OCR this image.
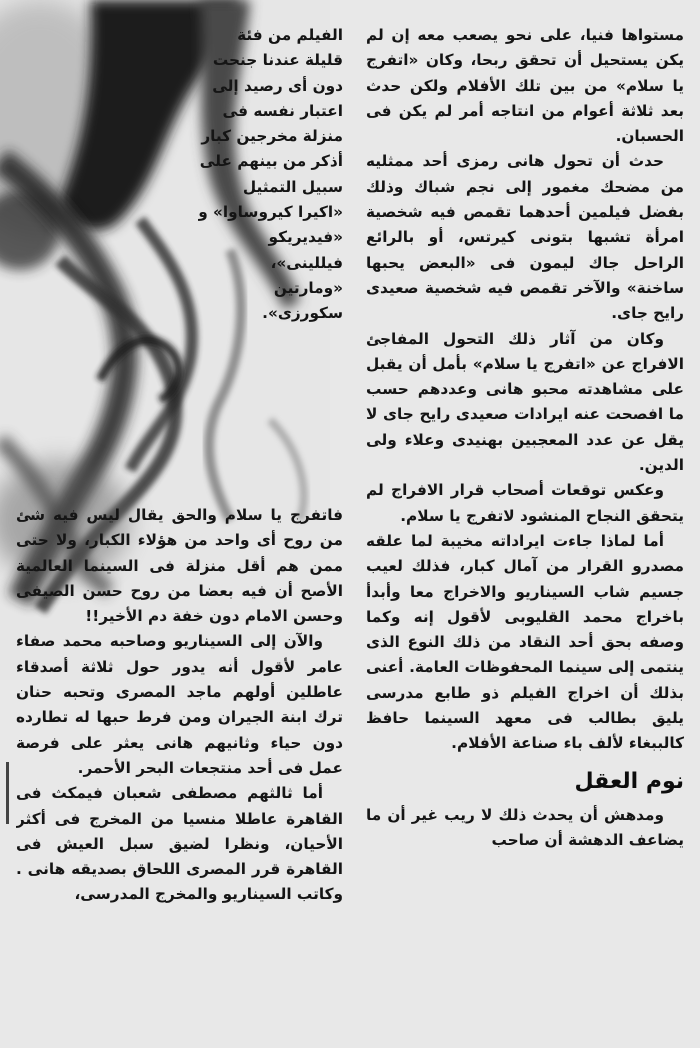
مستواها فنيا، على نحو يصعب معه إن لم يكن يستحيل أن تحقق ربحا، وكان «اتفرج يا سلام» من بين تلك الأفلام ولكن حدث بعد ثلاثة أعوام من انتاجه أمر لم يكن فى الحسبان.

حدث أن تحول هانى رمزى أحد ممثليه من مضحك مغمور إلى نجم شباك وذلك بفضل فيلمين أحدهما تقمص فيه شخصية امرأة تشبها بتونى كيرتس، أو بالرائع الراحل جاك ليمون فى «البعض يحبها ساخنة» والآخر تقمص فيه شخصية صعيدى رايح جاى.

وكان من آثار ذلك التحول المفاجئ الافراج عن «اتفرج يا سلام» بأمل أن يقبل على مشاهدته محبو هانى وعددهم حسب ما افصحت عنه ايرادات صعيدى رايح جاى لا يقل عن عدد المعجبين بهنيدى وعلاء ولى الدين.

وعكس توقعات أصحاب قرار الافراج لم يتحقق النجاح المنشود لاتفرج يا سلام.

أما لماذا جاءت ايراداته مخيبة لما علقه مصدرو القرار من آمال كبار، فذلك لعيب جسيم شاب السيناريو والاخراج معا وأبدأ باخراج محمد القليوبى لأقول إنه وكما وصفه بحق أحد النقاد من ذلك النوع الذى ينتمى إلى سينما المحفوظات العامة. أعنى بذلك أن اخراج الفيلم ذو طابع مدرسى يليق بطالب فى معهد السينما حافظ كالببغاء لألف باء صناعة الأفلام.

نوم العقل

ومدهش أن يحدث ذلك لا ريب غير أن ما يضاعف الدهشة أن صاحب

الفيلم من فئة قليلة عندنا جنحت دون أى رصيد إلى اعتبار نفسه فى منزلة مخرجين كبار أذكر من بينهم على سبيل التمثيل «اكيرا كيروساوا» و «فيديريكو فيللينى»، «ومارتين سكورزى».

فاتفرج يا سلام والحق يقال ليس فيه شئ من روح أى واحد من هؤلاء الكبار، ولا حتى ممن هم أقل منزلة فى السينما العالمية الأصح أن فيه بعضا من روح حسن الصيفى وحسن الامام دون خفة دم الأخير!!

والآن إلى السيناريو وصاحبه محمد صفاء عامر لأقول أنه يدور حول ثلاثة أصدقاء عاطلين أولهم ماجد المصرى وتحبه حنان ترك ابنة الجيران ومن فرط حبها له تطارده دون حياء وثانيهم هانى يعثر على فرصة عمل فى أحد منتجعات البحر الأحمر.

أما ثالثهم مصطفى شعبان فيمكث فى القاهرة عاطلا منسيا من المخرج فى أكثر الأحيان، ونظرا لضيق سبل العيش فى القاهرة قرر المصرى اللحاق بصديقه هانى . وكاتب السيناريو والمخرج المدرسى،
